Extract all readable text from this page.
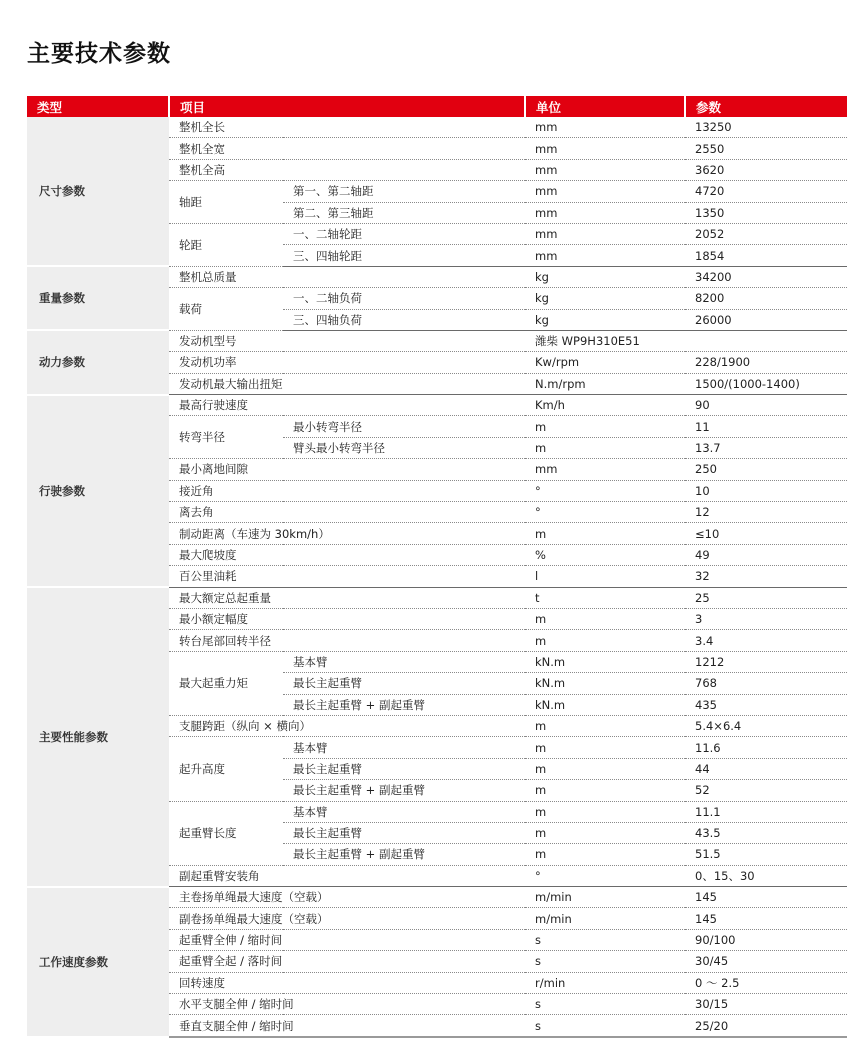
主要技术参数
类型	项目		单位	参数
尺寸参数	整机全长		mm	13250
	整机全宽		mm	2550
	整机全高		mm	3620
	轴距	第一、第二轴距	mm	4720
		第二、第三轴距	mm	1350
	轮距	一、二轴轮距	mm	2052
		三、四轴轮距	mm	1854
重量参数	整机总质量		kg	34200
	载荷	一、二轴负荷	kg	8200
		三、四轴负荷	kg	26000
动力参数	发动机型号		潍柴 WP9H310E51	
	发动机功率		Kw/rpm	228/1900
	发动机最大输出扭矩		N.m/rpm	1500/(1000-1400)
行驶参数	最高行驶速度		Km/h	90
	转弯半径	最小转弯半径	m	11
		臂头最小转弯半径	m	13.7
	最小离地间隙		mm	250
	接近角		°	10
	离去角		°	12
	制动距离（车速为 30km/h）		m	≤10
	最大爬坡度		%	49
	百公里油耗		l	32
主要性能参数	最大额定总起重量		t	25
	最小额定幅度		m	3
	转台尾部回转半径		m	3.4
	最大起重力矩	基本臂	kN.m	1212
		最长主起重臂	kN.m	768
		最长主起重臂 + 副起重臂	kN.m	435
	支腿跨距（纵向 × 横向）		m	5.4×6.4
	起升高度	基本臂	m	11.6
		最长主起重臂	m	44
		最长主起重臂 + 副起重臂	m	52
	起重臂长度	基本臂	m	11.1
		最长主起重臂	m	43.5
		最长主起重臂 + 副起重臂	m	51.5
	副起重臂安装角		°	0、15、30
工作速度参数	主卷扬单绳最大速度（空载）		m/min	145
	副卷扬单绳最大速度（空载）		m/min	145
	起重臂全伸 / 缩时间		s	90/100
	起重臂全起 / 落时间		s	30/45
	回转速度		r/min	0 ～ 2.5
	水平支腿全伸 / 缩时间		s	30/15
	垂直支腿全伸 / 缩时间		s	25/20
